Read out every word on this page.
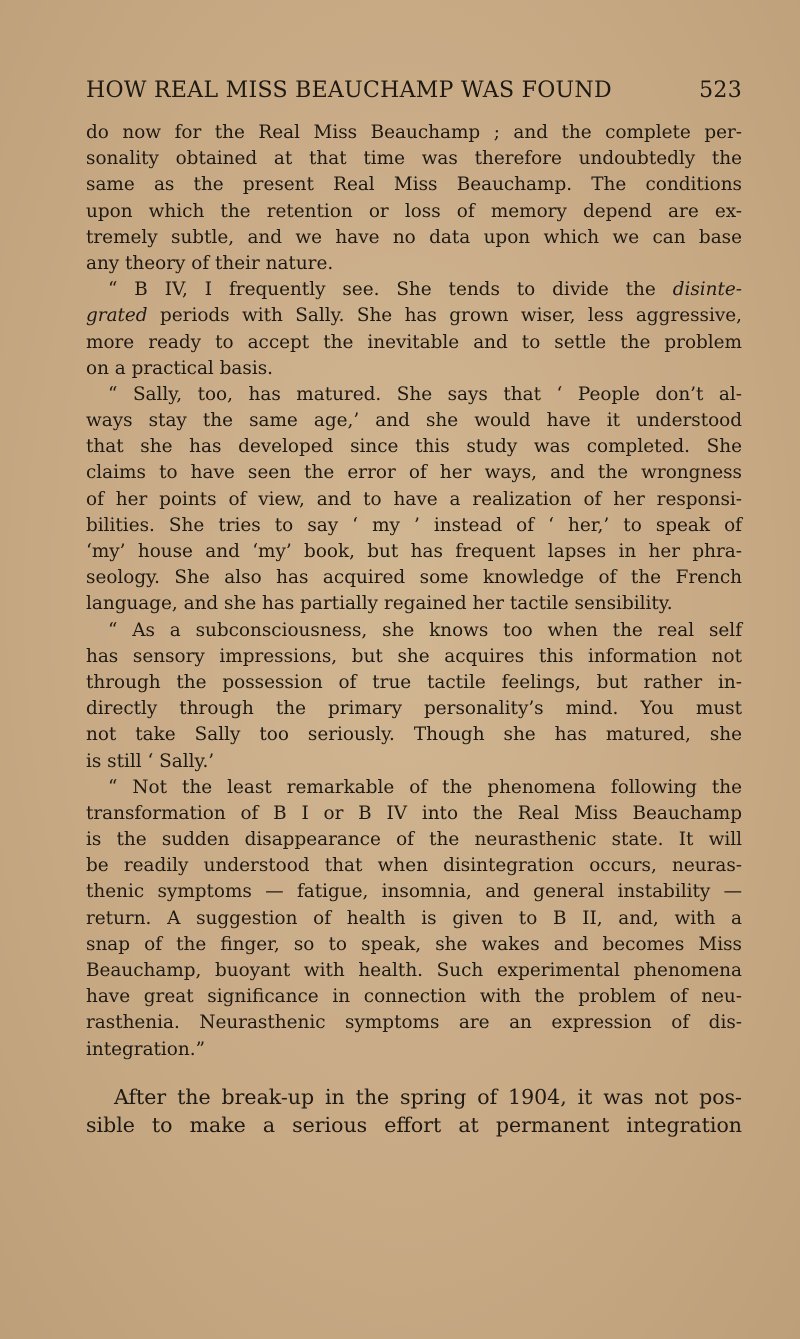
HOW REAL MISS BEAUCHAMP WAS FOUND	523
do now for the Real Miss Beauchamp ; and the complete per-
sonality obtained at that time was therefore undoubtedly the
same as the present Real Miss Beauchamp. The conditions
upon which the retention or loss of memory depend are ex-
tremely subtle, and we have no data upon which we can base
any theory of their nature.
“ B IV, I frequently see. She tends to divide the disinte-
grated periods with Sally. She has grown wiser, less aggressive,
more ready to accept the inevitable and to settle the problem
on a practical basis.
“ Sally, too, has matured. She says that ‘ People don’t al-
ways stay the same age,’ and she would have it understood
that she has developed since this study was completed. She
claims to have seen the error of her ways, and the wrongness
of her points of view, and to have a realization of her responsi-
bilities. She tries to say ‘ my ’ instead of ‘ her,’ to speak of
‘my’ house and ‘my’ book, but has frequent lapses in her phra-
seology. She also has acquired some knowledge of the French
language, and she has partially regained her tactile sensibility.
“ As a subconsciousness, she knows too when the real self
has sensory impressions, but she acquires this information not
through the possession of true tactile feelings, but rather in-
directly through the primary personality’s mind. You must
not take Sally too seriously. Though she has matured, she
is still ‘ Sally.’
“ Not the least remarkable of the phenomena following the
transformation of B I or B IV into the Real Miss Beauchamp
is the sudden disappearance of the neurasthenic state. It will
be readily understood that when disintegration occurs, neuras-
thenic symptoms — fatigue, insomnia, and general instability —
return. A suggestion of health is given to B II, and, with a
snap of the finger, so to speak, she wakes and becomes Miss
Beauchamp, buoyant with health. Such experimental phenomena
have great significance in connection with the problem of neu-
rasthenia. Neurasthenic symptoms are an expression of dis-
integration.”
After the break-up in the spring of 1904, it was not pos-
sible to make a serious effort at permanent integration
